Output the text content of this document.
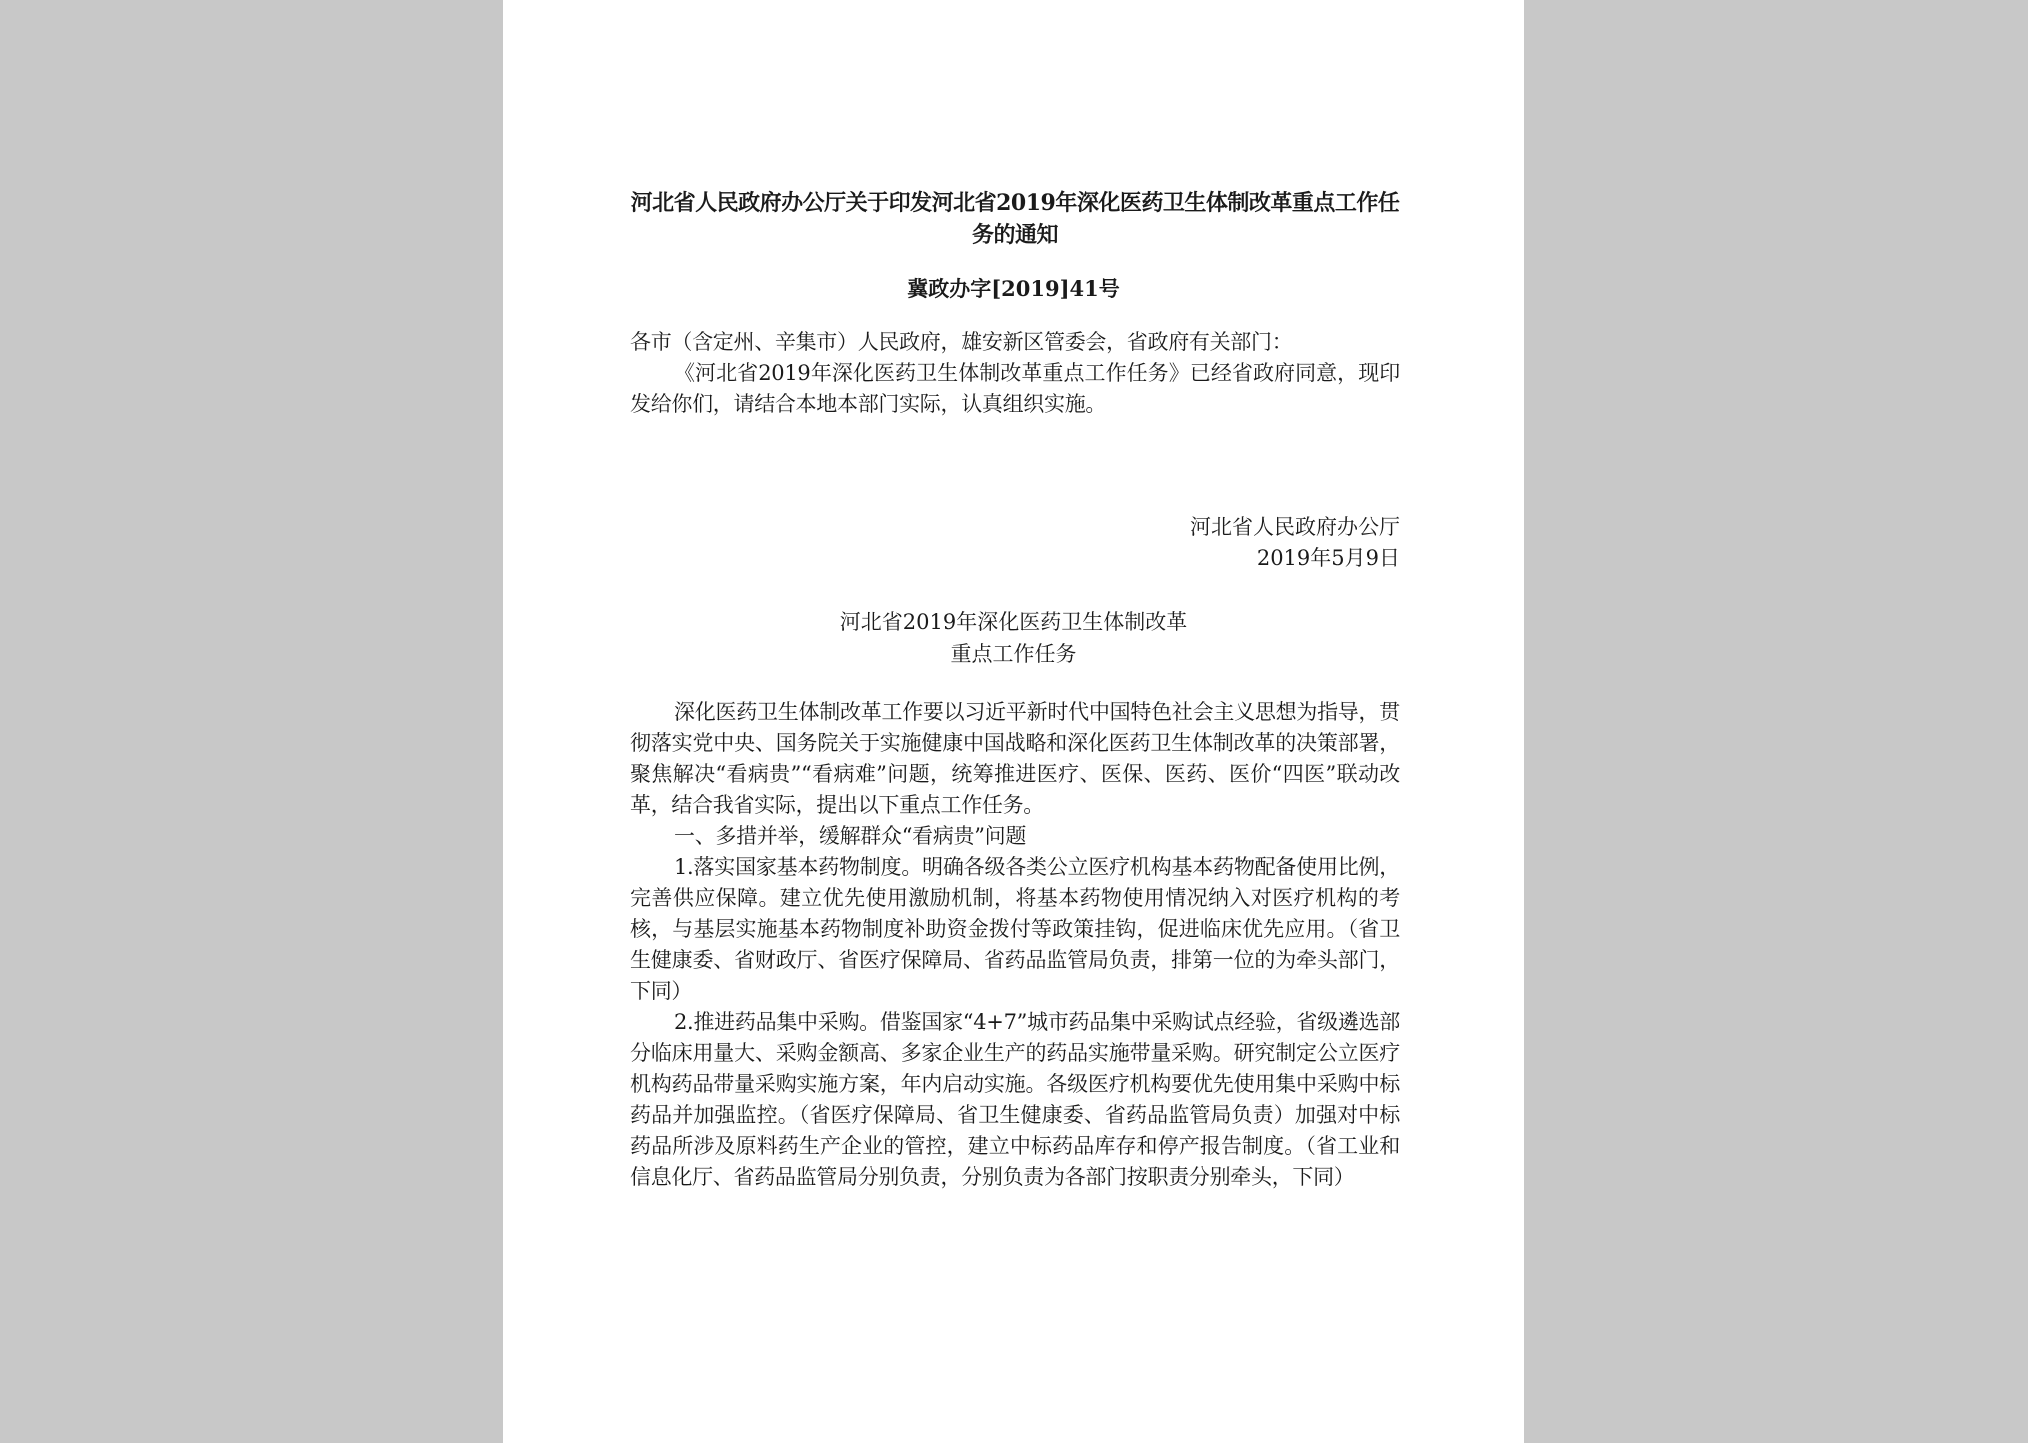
河北省人民政府办公厅关于印发河北省2019年深化医药卫生体制改革重点工作任务的通知
冀政办字[2019]41号

各市（含定州、辛集市）人民政府，雄安新区管委会，省政府有关部门：

《河北省2019年深化医药卫生体制改革重点工作任务》已经省政府同意，现印发给你们，请结合本地本部门实际，认真组织实施。

河北省人民政府办公厅
2019年5月9日
河北省2019年深化医药卫生体制改革
重点工作任务

深化医药卫生体制改革工作要以习近平新时代中国特色社会主义思想为指导，贯彻落实党中央、国务院关于实施健康中国战略和深化医药卫生体制改革的决策部署，聚焦解决“看病贵”“看病难”问题，统筹推进医疗、医保、医药、医价“四医”联动改革，结合我省实际，提出以下重点工作任务。

一、多措并举，缓解群众“看病贵”问题

1.落实国家基本药物制度。明确各级各类公立医疗机构基本药物配备使用比例，完善供应保障。建立优先使用激励机制，将基本药物使用情况纳入对医疗机构的考核，与基层实施基本药物制度补助资金拨付等政策挂钩，促进临床优先应用。（省卫生健康委、省财政厅、省医疗保障局、省药品监管局负责，排第一位的为牵头部门，下同）

2.推进药品集中采购。借鉴国家“4+7”城市药品集中采购试点经验，省级遴选部分临床用量大、采购金额高、多家企业生产的药品实施带量采购。研究制定公立医疗机构药品带量采购实施方案，年内启动实施。各级医疗机构要优先使用集中采购中标药品并加强监控。（省医疗保障局、省卫生健康委、省药品监管局负责）加强对中标药品所涉及原料药生产企业的管控，建立中标药品库存和停产报告制度。（省工业和信息化厅、省药品监管局分别负责，分别负责为各部门按职责分别牵头，下同）
